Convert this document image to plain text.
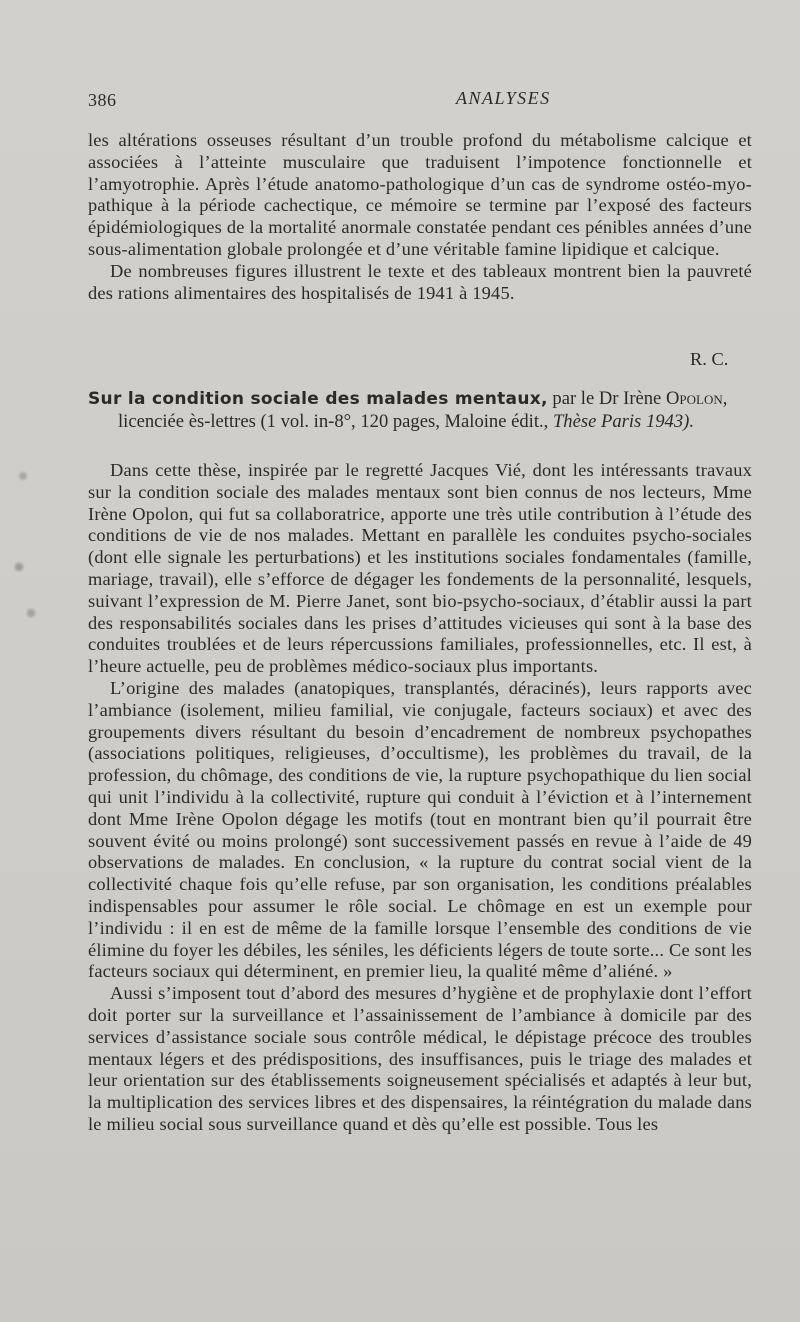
386	ANALYSES

les altérations osseuses résultant d’un trouble profond du métabolisme calcique et associées à l’atteinte musculaire que traduisent l’impotence fonctionnelle et l’amyotrophie. Après l’étude anatomo-pathologique d’un cas de syndrome ostéo-myo-pathique à la période cachectique, ce mémoire se termine par l’exposé des facteurs épidémiologiques de la mortalité anormale constatée pendant ces pénibles années d’une sous-alimentation globale prolongée et d’une véritable famine lipidique et calcique.

De nombreuses figures illustrent le texte et des tableaux montrent bien la pauvreté des rations alimentaires des hospitalisés de 1941 à 1945.

R. C.
Sur la condition sociale des malades mentaux, par le Dr Irène Opolon,
licenciée ès-lettres (1 vol. in-8°, 120 pages, Maloine édit., Thèse Paris 1943).

Dans cette thèse, inspirée par le regretté Jacques Vié, dont les intéressants travaux sur la condition sociale des malades mentaux sont bien connus de nos lecteurs, Mme Irène Opolon, qui fut sa collaboratrice, apporte une très utile contribution à l’étude des conditions de vie de nos malades. Mettant en parallèle les conduites psycho-sociales (dont elle signale les perturbations) et les institutions sociales fondamentales (famille, mariage, travail), elle s’efforce de dégager les fondements de la personnalité, lesquels, suivant l’expression de M. Pierre Janet, sont bio-psycho-sociaux, d’établir aussi la part des responsabilités sociales dans les prises d’attitudes vicieuses qui sont à la base des conduites troublées et de leurs répercussions familiales, professionnelles, etc. Il est, à l’heure actuelle, peu de problèmes médico-sociaux plus importants.

L’origine des malades (anatopiques, transplantés, déracinés), leurs rapports avec l’ambiance (isolement, milieu familial, vie conjugale, facteurs sociaux) et avec des groupements divers résultant du besoin d’encadrement de nombreux psychopathes (associations politiques, religieuses, d’occultisme), les problèmes du travail, de la profession, du chômage, des conditions de vie, la rupture psychopathique du lien social qui unit l’individu à la collectivité, rupture qui conduit à l’éviction et à l’internement dont Mme Irène Opolon dégage les motifs (tout en montrant bien qu’il pourrait être souvent évité ou moins prolongé) sont successivement passés en revue à l’aide de 49 observations de malades. En conclusion, « la rupture du contrat social vient de la collectivité chaque fois qu’elle refuse, par son organisation, les conditions préalables indispensables pour assumer le rôle social. Le chômage en est un exemple pour l’individu : il en est de même de la famille lorsque l’ensemble des conditions de vie élimine du foyer les débiles, les séniles, les déficients légers de toute sorte... Ce sont les facteurs sociaux qui déterminent, en premier lieu, la qualité même d’aliéné. »

Aussi s’imposent tout d’abord des mesures d’hygiène et de prophylaxie dont l’effort doit porter sur la surveillance et l’assainissement de l’ambiance à domicile par des services d’assistance sociale sous contrôle médical, le dépistage précoce des troubles mentaux légers et des prédispositions, des insuffisances, puis le triage des malades et leur orientation sur des établissements soigneusement spécialisés et adaptés à leur but, la multiplication des services libres et des dispensaires, la réintégration du malade dans le milieu social sous surveillance quand et dès qu’elle est possible. Tous les
